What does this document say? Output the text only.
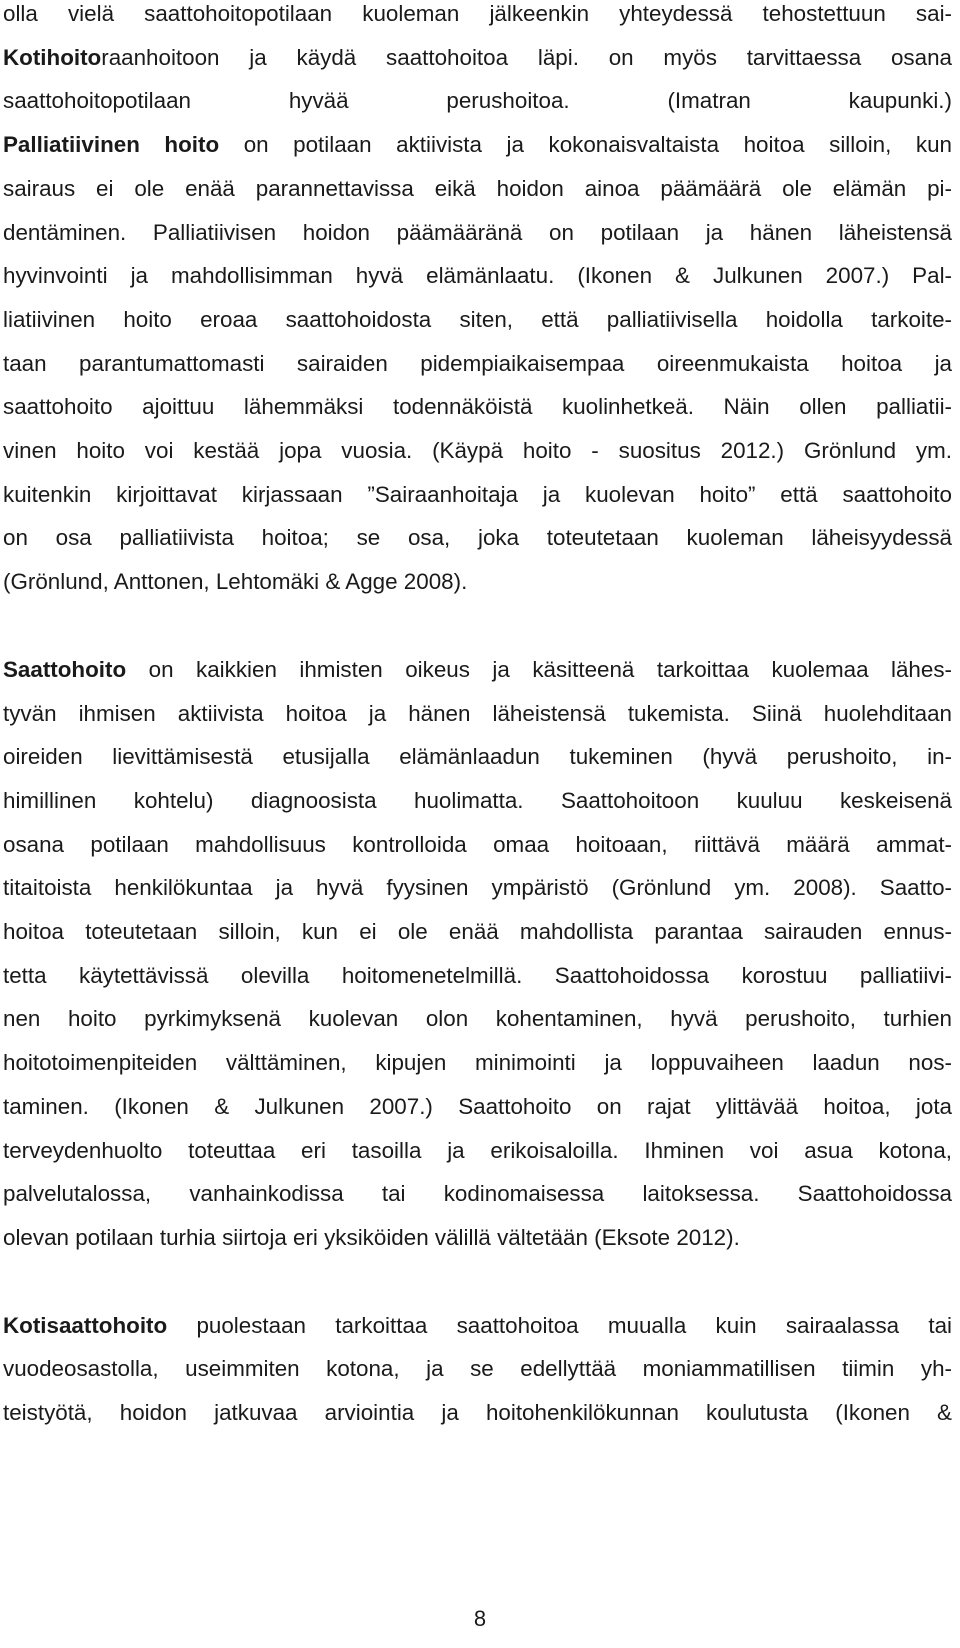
olla vielä saattohoitopotilaan kuoleman jälkeenkin yhteydessä tehostettuun sai-
Kotihoitoraanhoitoon ja käydä saattohoitoa läpi. on myös tarvittaessa osana
saattohoitopotilaan hyvää perushoitoa. (Imatran kaupunki.)

Palliatiivinen hoito on potilaan aktiivista ja kokonaisvaltaista hoitoa silloin, kun
sairaus ei ole enää parannettavissa eikä hoidon ainoa päämäärä ole elämän pi-
dentäminen. Palliatiivisen hoidon päämääränä on potilaan ja hänen läheistensä
hyvinvointi ja mahdollisimman hyvä elämänlaatu. (Ikonen & Julkunen 2007.) Pal-
liatiivinen hoito eroaa saattohoidosta siten, että palliatiivisella hoidolla tarkoite-
taan parantumattomasti sairaiden pidempiaikaisempaa oireenmukaista hoitoa ja
saattohoito ajoittuu lähemmäksi todennäköistä kuolinhetkeä. Näin ollen palliatii-
vinen hoito voi kestää jopa vuosia. (Käypä hoito - suositus 2012.) Grönlund ym.
kuitenkin kirjoittavat kirjassaan ”Sairaanhoitaja ja kuolevan hoito” että saattohoito
on osa palliatiivista hoitoa; se osa, joka toteutetaan kuoleman läheisyydessä
(Grönlund, Anttonen, Lehtomäki & Agge 2008).

Saattohoito on kaikkien ihmisten oikeus ja käsitteenä tarkoittaa kuolemaa lähes-
tyvän ihmisen aktiivista hoitoa ja hänen läheistensä tukemista. Siinä huolehditaan
oireiden lievittämisestä etusijalla elämänlaadun tukeminen (hyvä perushoito, in-
himillinen kohtelu) diagnoosista huolimatta. Saattohoitoon kuuluu keskeisenä
osana potilaan mahdollisuus kontrolloida omaa hoitoaan, riittävä määrä ammat-
titaitoista henkilökuntaa ja hyvä fyysinen ympäristö (Grönlund ym. 2008). Saatto-
hoitoa toteutetaan silloin, kun ei ole enää mahdollista parantaa sairauden ennus-
tetta käytettävissä olevilla hoitomenetelmillä. Saattohoidossa korostuu palliatiivi-
nen hoito pyrkimyksenä kuolevan olon kohentaminen, hyvä perushoito, turhien
hoitotoimenpiteiden välttäminen, kipujen minimointi ja loppuvaiheen laadun nos-
taminen. (Ikonen & Julkunen 2007.) Saattohoito on rajat ylittävää hoitoa, jota
terveydenhuolto toteuttaa eri tasoilla ja erikoisaloilla. Ihminen voi asua kotona,
palvelutalossa, vanhainkodissa tai kodinomaisessa laitoksessa. Saattohoidossa
olevan potilaan turhia siirtoja eri yksiköiden välillä vältetään (Eksote 2012).

Kotisaattohoito puolestaan tarkoittaa saattohoitoa muualla kuin sairaalassa tai
vuodeosastolla, useimmiten kotona, ja se edellyttää moniammatillisen tiimin yh-
teistyötä, hoidon jatkuvaa arviointia ja hoitohenkilökunnan koulutusta (Ikonen &

8
